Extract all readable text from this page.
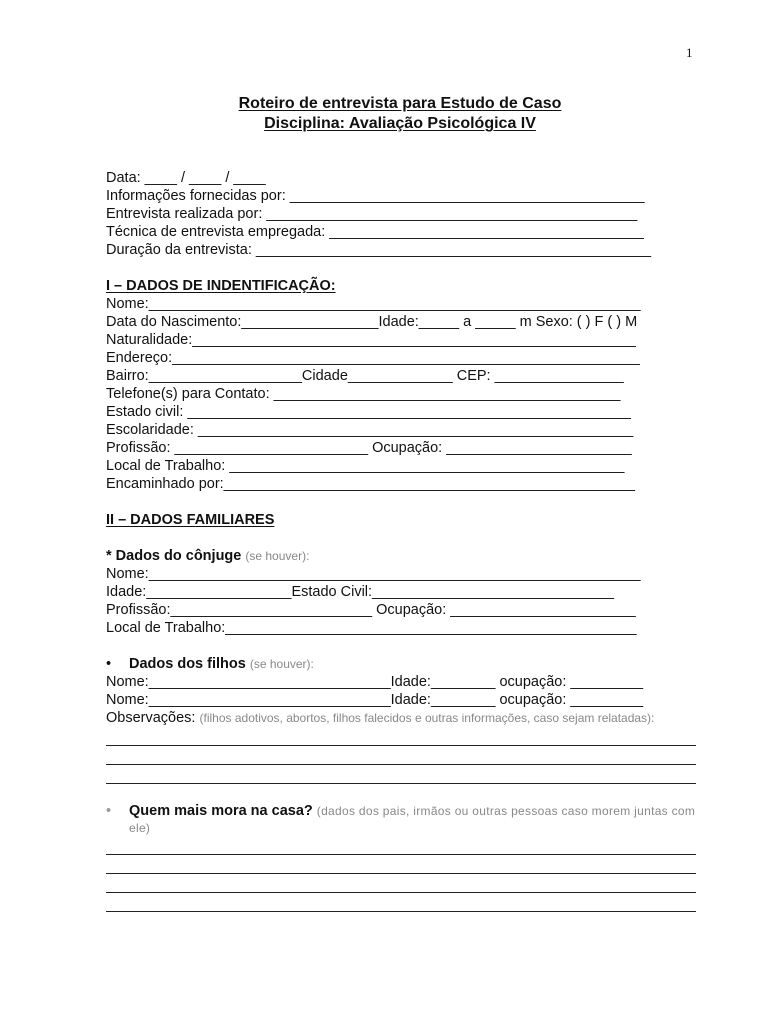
1
Roteiro de entrevista para Estudo de Caso
Disciplina: Avaliação Psicológica IV
Data: ____ / ____ / ____
Informações fornecidas por: ____________________________________________
Entrevista realizada por: ______________________________________________
Técnica de entrevista empregada: _______________________________________
Duração da entrevista: _________________________________________________
I – DADOS DE INDENTIFICAÇÃO:
Nome:_____________________________________________________________
Data do Nascimento:_________________Idade:_____ a _____ m Sexo: ( ) F ( ) M
Naturalidade:_______________________________________________________
Endereço:__________________________________________________________
Bairro:___________________Cidade_____________ CEP: ________________
Telefone(s) para Contato: ___________________________________________
Estado civil: _______________________________________________________
Escolaridade: ______________________________________________________
Profissão: ________________________ Ocupação: _______________________
Local de Trabalho: _________________________________________________
Encaminhado por:___________________________________________________
II – DADOS FAMILIARES
* Dados do cônjuge (se houver):
Nome:_____________________________________________________________
Idade:__________________Estado Civil:______________________________
Profissão:_________________________ Ocupação: _______________________
Local de Trabalho:___________________________________________________
•	Dados dos filhos (se houver):
Nome:______________________________Idade:________ ocupação: _________
Nome:______________________________Idade:________ ocupação: _________
Observações: (filhos adotivos, abortos, filhos falecidos e outras informações, caso sejam relatadas):
•	Quem mais mora na casa? (dados dos pais, irmãos ou outras pessoas caso morem juntas com ele)
